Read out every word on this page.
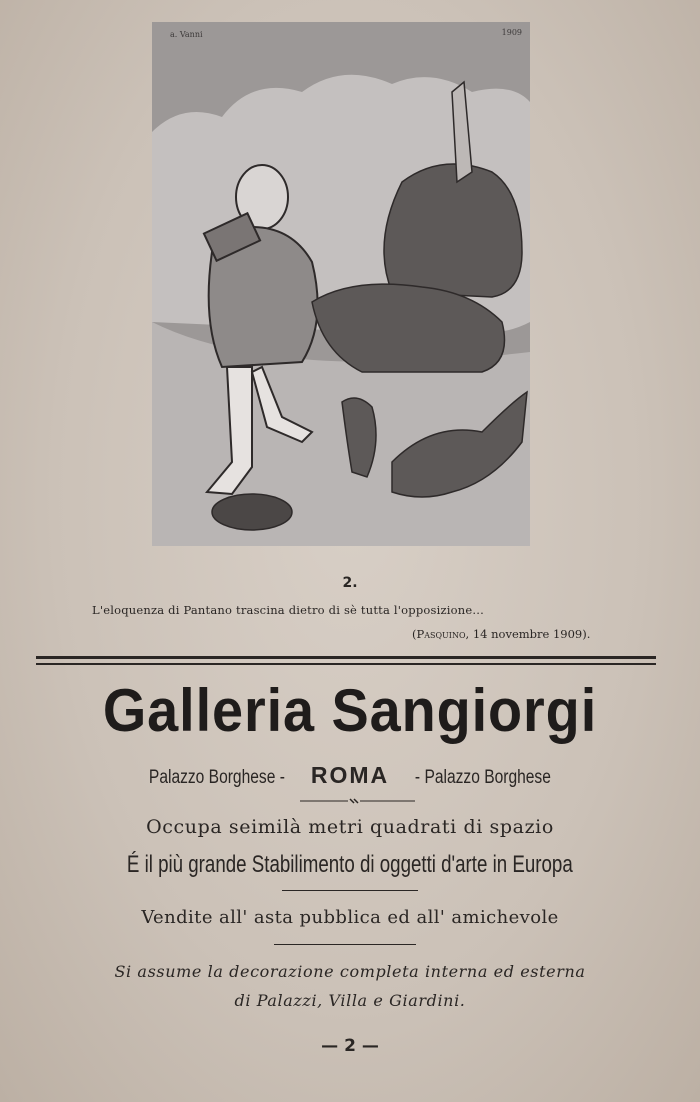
a. Vanni	1909
2.
L'eloquenza di Pantano trascina dietro di sè tutta l'opposizione...
(Pasquino, 14 novembre 1909).
Galleria Sangiorgi
Palazzo Borghese - ROMA - Palazzo Borghese
Occupa seimilà metri quadrati di spazio
É il più grande Stabilimento di oggetti d'arte in Europa
Vendite all' asta pubblica ed all' amichevole
Si assume la decorazione completa interna ed esterna
di Palazzi, Villa e Giardini.
— 2 —
